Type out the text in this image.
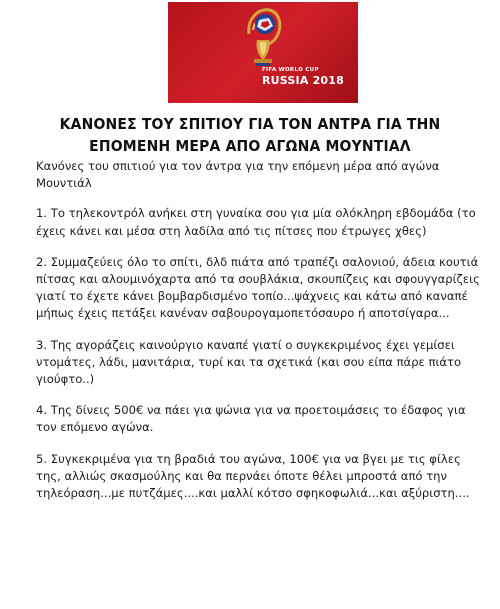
FIFA WORLD CUP
RUSSIA 2018
ΚΑΝΟΝΕΣ ΤΟΥ ΣΠΙΤΙΟΥ ΓΙΑ ΤΟΝ ΑΝΤΡΑ ΓΙΑ ΤΗΝ
ΕΠΟΜΕΝΗ ΜΕΡΑ ΑΠΟ ΑΓΩΝΑ ΜΟΥΝΤΙΑΛ

Κανόνες του σπιτιού για τον άντρα για την επόμενη μέρα από αγώνα Μουντιάλ

1. Το τηλεκοντρόλ ανήκει στη γυναίκα σου για μία ολόκληρη εβδομάδα (το έχεις κάνει και μέσα στη λαδίλα από τις πίτσες που έτρωγες χθες)

2. Συμμαζεύεις όλο το σπίτι, δλδ πιάτα από τραπέζι σαλονιού, άδεια κουτιά πίτσας και αλουμινόχαρτα από τα σουβλάκια, σκουπίζεις και σφουγγαρίζεις γιατί το έχετε κάνει βομβαρδισμένο τοπίο...ψάχνεις και κάτω από καναπέ μήπως έχεις πετάξει κανέναν σαβουρογαμοπετόσαυρο ή αποτσίγαρα...

3. Της αγοράζεις καινούργιο καναπέ γιατί ο συγκεκριμένος έχει γεμίσει ντομάτες, λάδι, μανιτάρια, τυρί και τα σχετικά (και σου είπα πάρε πιάτο γιούφτο..)

4. Της δίνεις 500€ να πάει για ψώνια για να προετοιμάσεις το έδαφος για τον επόμενο αγώνα.

5. Συγκεκριμένα για τη βραδιά του αγώνα, 100€ για να βγει με τις φίλες της, αλλιώς σκασμούλης και θα περνάει όποτε θέλει μπροστά από την τηλεόραση...με πυτζάμες....και μαλλί κότσο σφηκοφωλιά...και αξύριστη....
